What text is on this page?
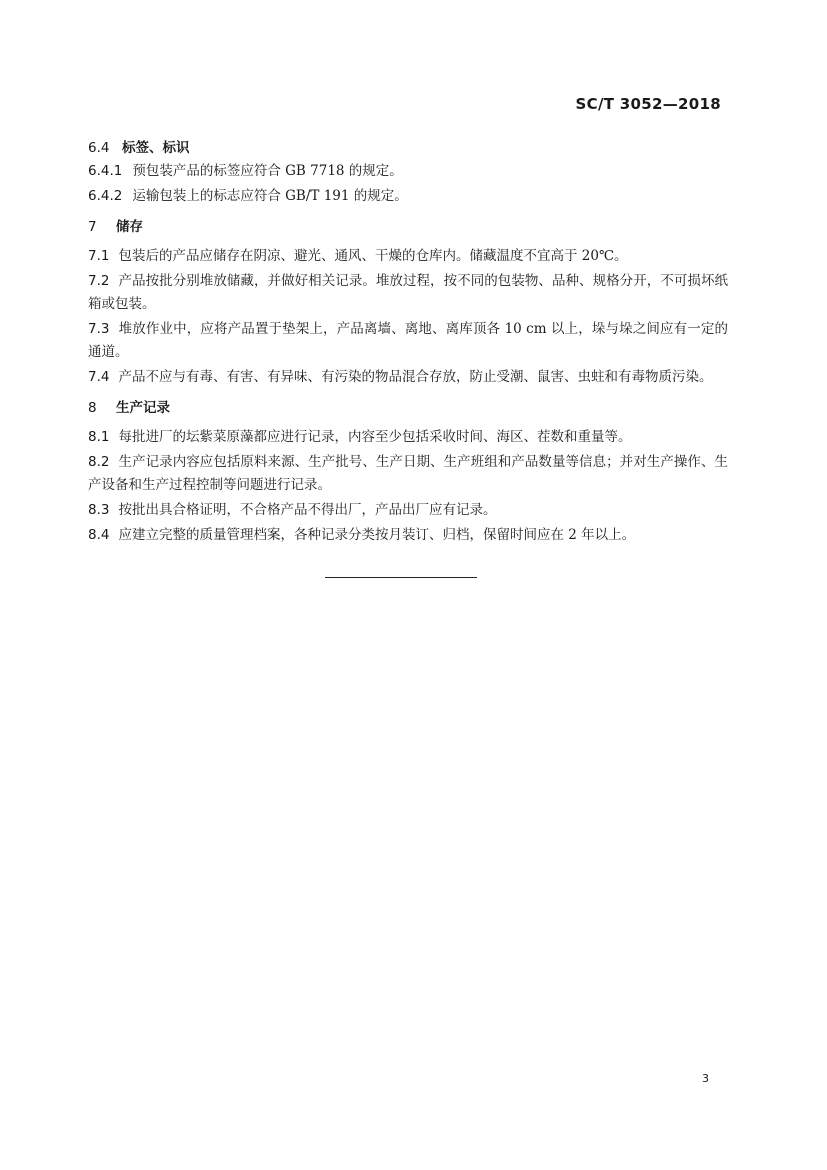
SC/T 3052—2018
6.4 标签、标识

6.4.1 预包装产品的标签应符合 GB 7718 的规定。

6.4.2 运输包装上的标志应符合 GB/T 191 的规定。

7	储存

7.1 包装后的产品应储存在阴凉、避光、通风、干燥的仓库内。储藏温度不宜高于 20℃。

7.2 产品按批分别堆放储藏，并做好相关记录。堆放过程，按不同的包装物、品种、规格分开，不可损坏纸箱或包装。

7.3 堆放作业中，应将产品置于垫架上，产品离墙、离地、离库顶各 10 cm 以上，垛与垛之间应有一定的通道。

7.4 产品不应与有毒、有害、有异味、有污染的物品混合存放，防止受潮、鼠害、虫蛀和有毒物质污染。

8	生产记录

8.1 每批进厂的坛紫菜原藻都应进行记录，内容至少包括采收时间、海区、茬数和重量等。

8.2 生产记录内容应包括原料来源、生产批号、生产日期、生产班组和产品数量等信息；并对生产操作、生产设备和生产过程控制等问题进行记录。

8.3 按批出具合格证明，不合格产品不得出厂，产品出厂应有记录。

8.4 应建立完整的质量管理档案，各种记录分类按月装订、归档，保留时间应在 2 年以上。

3
